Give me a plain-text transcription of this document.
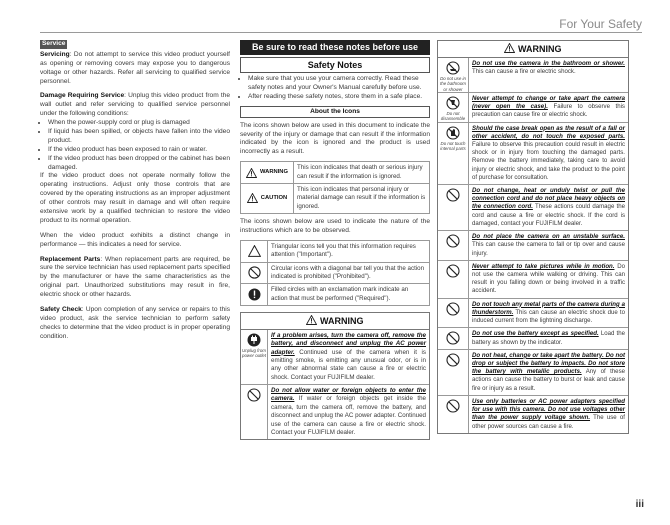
For Your Safety
Service

Servicing: Do not attempt to service this video product yourself as opening or removing covers may expose you to dangerous voltage or other hazards. Refer all servicing to qualified service personnel.

Damage Requiring Service: Unplug this video product from the wall outlet and refer servicing to qualified service personnel under the following conditions:

• When the power-supply cord or plug is damaged
• If liquid has been spilled, or objects have fallen into the video product.
• If the video product has been exposed to rain or water.
• If the video product has been dropped or the cabinet has been damaged.

If the video product does not operate normally follow the operating instructions. Adjust only those controls that are covered by the operating instructions as an improper adjustment of other controls may result in damage and will often require extensive work by a qualified technician to restore the video product to its normal operation.

When the video product exhibits a distinct change in performance — this indicates a need for service.

Replacement Parts: When replacement parts are required, be sure the service technician has used replacement parts specified by the manufacturer or have the same characteristics as the original part. Unauthorized substitutions may result in fire, electric shock or other hazards.

Safety Check: Upon completion of any service or repairs to this video product, ask the service technician to perform safety checks to determine that the video product is in proper operating condition.

Be sure to read these notes before use
Safety Notes
• Make sure that you use your camera correctly. Read these safety notes and your Owner's Manual carefully before use.
• After reading these safety notes, store them in a safe place.
About the Icons

The icons shown below are used in this document to indicate the severity of the injury or damage that can result if the information indicated by the icon is ignored and the product is used incorrectly as a result.

WARNING
This icon indicates that death or serious injury can result if the information is ignored.
CAUTION
This icon indicates that personal injury or material damage can result if the information is ignored.

The icons shown below are used to indicate the nature of the instructions which are to be observed.

Triangular icons tell you that this information requires attention ("Important").
Circular icons with a diagonal bar tell you that the action indicated is prohibited ("Prohibited").
Filled circles with an exclamation mark indicate an action that must be performed ("Required").
WARNING
Unplug from power outlet
If a problem arises, turn the camera off, remove the battery, and disconnect and unplug the AC power adapter. Continued use of the camera when it is emitting smoke, is emitting any unusual odor, or is in any other abnormal state can cause a fire or electric shock. Contact your FUJIFILM dealer.
Do not allow water or foreign objects to enter the camera. If water or foreign objects get inside the camera, turn the camera off, remove the battery, and disconnect and unplug the AC power adapter. Continued use of the camera can cause a fire or electric shock. Contact your FUJIFILM dealer.
WARNING
Do not use in the bathroom or shower
Do not use the camera in the bathroom or shower. This can cause a fire or electric shock.
Do not disassemble
Never attempt to change or take apart the camera (never open the case). Failure to observe this precaution can cause fire or electric shock.
Do not touch internal parts
Should the case break open as the result of a fall or other accident, do not touch the exposed parts. Failure to observe this precaution could result in electric shock or in injury from touching the damaged parts. Remove the battery immediately, taking care to avoid injury or electric shock, and take the product to the point of purchase for consultation.
Do not change, heat or unduly twist or pull the connection cord and do not place heavy objects on the connection cord. These actions could damage the cord and cause a fire or electric shock. If the cord is damaged, contact your FUJIFILM dealer.
Do not place the camera on an unstable surface. This can cause the camera to fall or tip over and cause injury.
Never attempt to take pictures while in motion. Do not use the camera while walking or driving. This can result in you falling down or being involved in a traffic accident.
Do not touch any metal parts of the camera during a thunderstorm. This can cause an electric shock due to induced current from the lightning discharge.
Do not use the battery except as specified. Load the battery as shown by the indicator.
Do not heat, change or take apart the battery. Do not drop or subject the battery to impacts. Do not store the battery with metallic products. Any of these actions can cause the battery to burst or leak and cause fire or injury as a result.
Use only batteries or AC power adapters specified for use with this camera. Do not use voltages other than the power supply voltage shown. The use of other power sources can cause a fire.
iii
